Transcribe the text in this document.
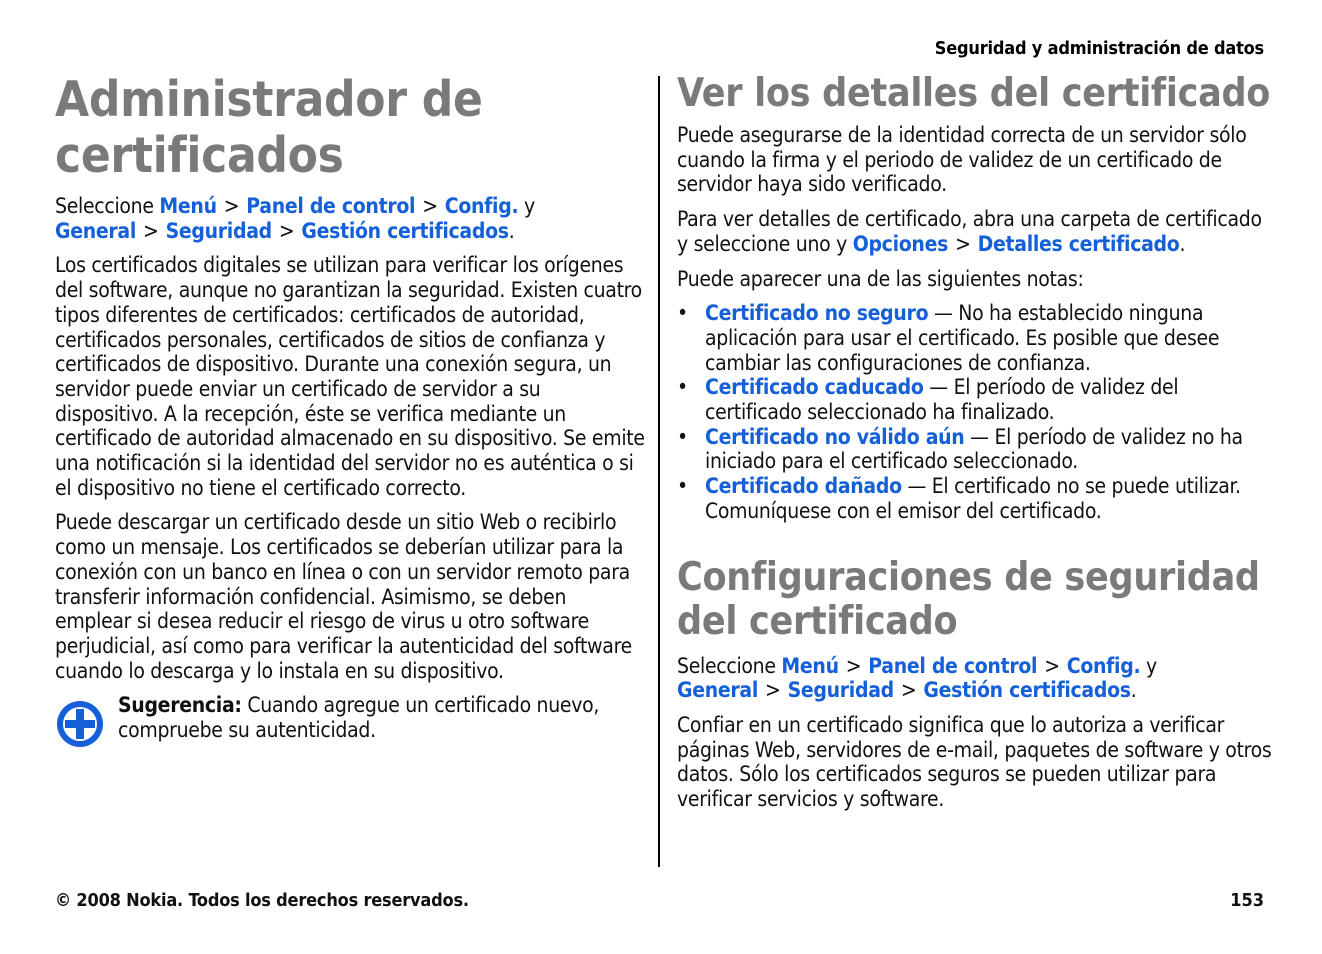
Seguridad y administración de datos
Administrador de
certificados

Seleccione Menú > Panel de control > Config. y General > Seguridad > Gestión certificados.

Los certificados digitales se utilizan para verificar los orígenes del software, aunque no garantizan la seguridad. Existen cuatro tipos diferentes de certificados: certificados de autoridad, certificados personales, certificados de sitios de confianza y certificados de dispositivo. Durante una conexión segura, un servidor puede enviar un certificado de servidor a su dispositivo. A la recepción, éste se verifica mediante un certificado de autoridad almacenado en su dispositivo. Se emite una notificación si la identidad del servidor no es auténtica o si el dispositivo no tiene el certificado correcto.

Puede descargar un certificado desde un sitio Web o recibirlo como un mensaje. Los certificados se deberían utilizar para la conexión con un banco en línea o con un servidor remoto para transferir información confidencial. Asimismo, se deben emplear si desea reducir el riesgo de virus u otro software perjudicial, así como para verificar la autenticidad del software cuando lo descarga y lo instala en su dispositivo.

Sugerencia: Cuando agregue un certificado nuevo, compruebe su autenticidad.

Ver los detalles del certificado

Puede asegurarse de la identidad correcta de un servidor sólo cuando la firma y el periodo de validez de un certificado de servidor haya sido verificado.

Para ver detalles de certificado, abra una carpeta de certificado y seleccione uno y Opciones > Detalles certificado.

Puede aparecer una de las siguientes notas:

• Certificado no seguro — No ha establecido ninguna aplicación para usar el certificado. Es posible que desee cambiar las configuraciones de confianza.
• Certificado caducado — El período de validez del certificado seleccionado ha finalizado.
• Certificado no válido aún — El período de validez no ha iniciado para el certificado seleccionado.
• Certificado dañado — El certificado no se puede utilizar. Comuníquese con el emisor del certificado.
Configuraciones de seguridad
del certificado

Seleccione Menú > Panel de control > Config. y General > Seguridad > Gestión certificados.

Confiar en un certificado significa que lo autoriza a verificar páginas Web, servidores de e-mail, paquetes de software y otros datos. Sólo los certificados seguros se pueden utilizar para verificar servicios y software.

© 2008 Nokia. Todos los derechos reservados.	153
